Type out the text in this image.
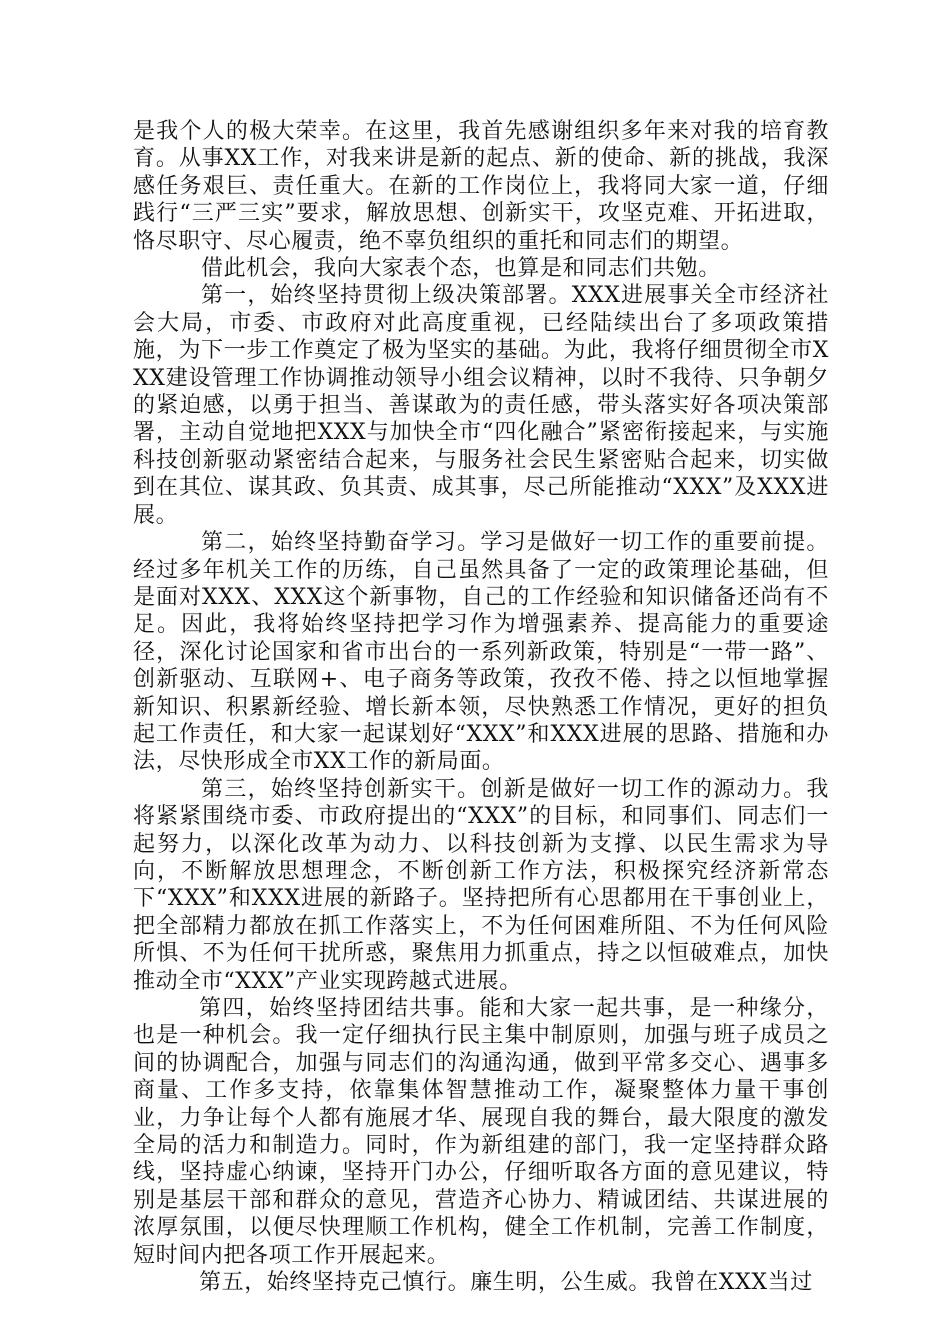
是我个人的极大荣幸。在这里，我首先感谢组织多年来对我的培育教育。从事XX工作，对我来讲是新的起点、新的使命、新的挑战，我深感任务艰巨、责任重大。在新的工作岗位上，我将同大家一道，仔细践行“三严三实”要求，解放思想、创新实干，攻坚克难、开拓进取，恪尽职守、尽心履责，绝不辜负组织的重托和同志们的期望。

借此机会，我向大家表个态，也算是和同志们共勉。

第一，始终坚持贯彻上级决策部署。XXX进展事关全市经济社会大局，市委、市政府对此高度重视，已经陆续出台了多项政策措施，为下一步工作奠定了极为坚实的基础。为此，我将仔细贯彻全市XXX建设管理工作协调推动领导小组会议精神，以时不我待、只争朝夕的紧迫感，以勇于担当、善谋敢为的责任感，带头落实好各项决策部署，主动自觉地把XXX与加快全市“四化融合”紧密衔接起来，与实施科技创新驱动紧密结合起来，与服务社会民生紧密贴合起来，切实做到在其位、谋其政、负其责、成其事，尽己所能推动“XXX”及XXX进展。

第二，始终坚持勤奋学习。学习是做好一切工作的重要前提。经过多年机关工作的历练，自己虽然具备了一定的政策理论基础，但是面对XXX、XXX这个新事物，自己的工作经验和知识储备还尚有不足。因此，我将始终坚持把学习作为增强素养、提高能力的重要途径，深化讨论国家和省市出台的一系列新政策，特别是“一带一路”、创新驱动、互联网+、电子商务等政策，孜孜不倦、持之以恒地掌握新知识、积累新经验、增长新本领，尽快熟悉工作情况，更好的担负起工作责任，和大家一起谋划好“XXX”和XXX进展的思路、措施和办法，尽快形成全市XX工作的新局面。

第三，始终坚持创新实干。创新是做好一切工作的源动力。我将紧紧围绕市委、市政府提出的“XXX”的目标，和同事们、同志们一起努力，以深化改革为动力、以科技创新为支撑、以民生需求为导向，不断解放思想理念，不断创新工作方法，积极探究经济新常态下“XXX”和XXX进展的新路子。坚持把所有心思都用在干事创业上，把全部精力都放在抓工作落实上，不为任何困难所阻、不为任何风险所惧、不为任何干扰所惑，聚焦用力抓重点，持之以恒破难点，加快推动全市“XXX”产业实现跨越式进展。

第四，始终坚持团结共事。能和大家一起共事，是一种缘分，也是一种机会。我一定仔细执行民主集中制原则，加强与班子成员之间的协调配合，加强与同志们的沟通沟通，做到平常多交心、遇事多商量、工作多支持，依靠集体智慧推动工作，凝聚整体力量干事创业，力争让每个人都有施展才华、展现自我的舞台，最大限度的激发全局的活力和制造力。同时，作为新组建的部门，我一定坚持群众路线，坚持虚心纳谏，坚持开门办公，仔细听取各方面的意见建议，特别是基层干部和群众的意见，营造齐心协力、精诚团结、共谋进展的浓厚氛围，以便尽快理顺工作机构，健全工作机制，完善工作制度，短时间内把各项工作开展起来。

第五，始终坚持克己慎行。廉生明，公生威。我曾在XXX当过
